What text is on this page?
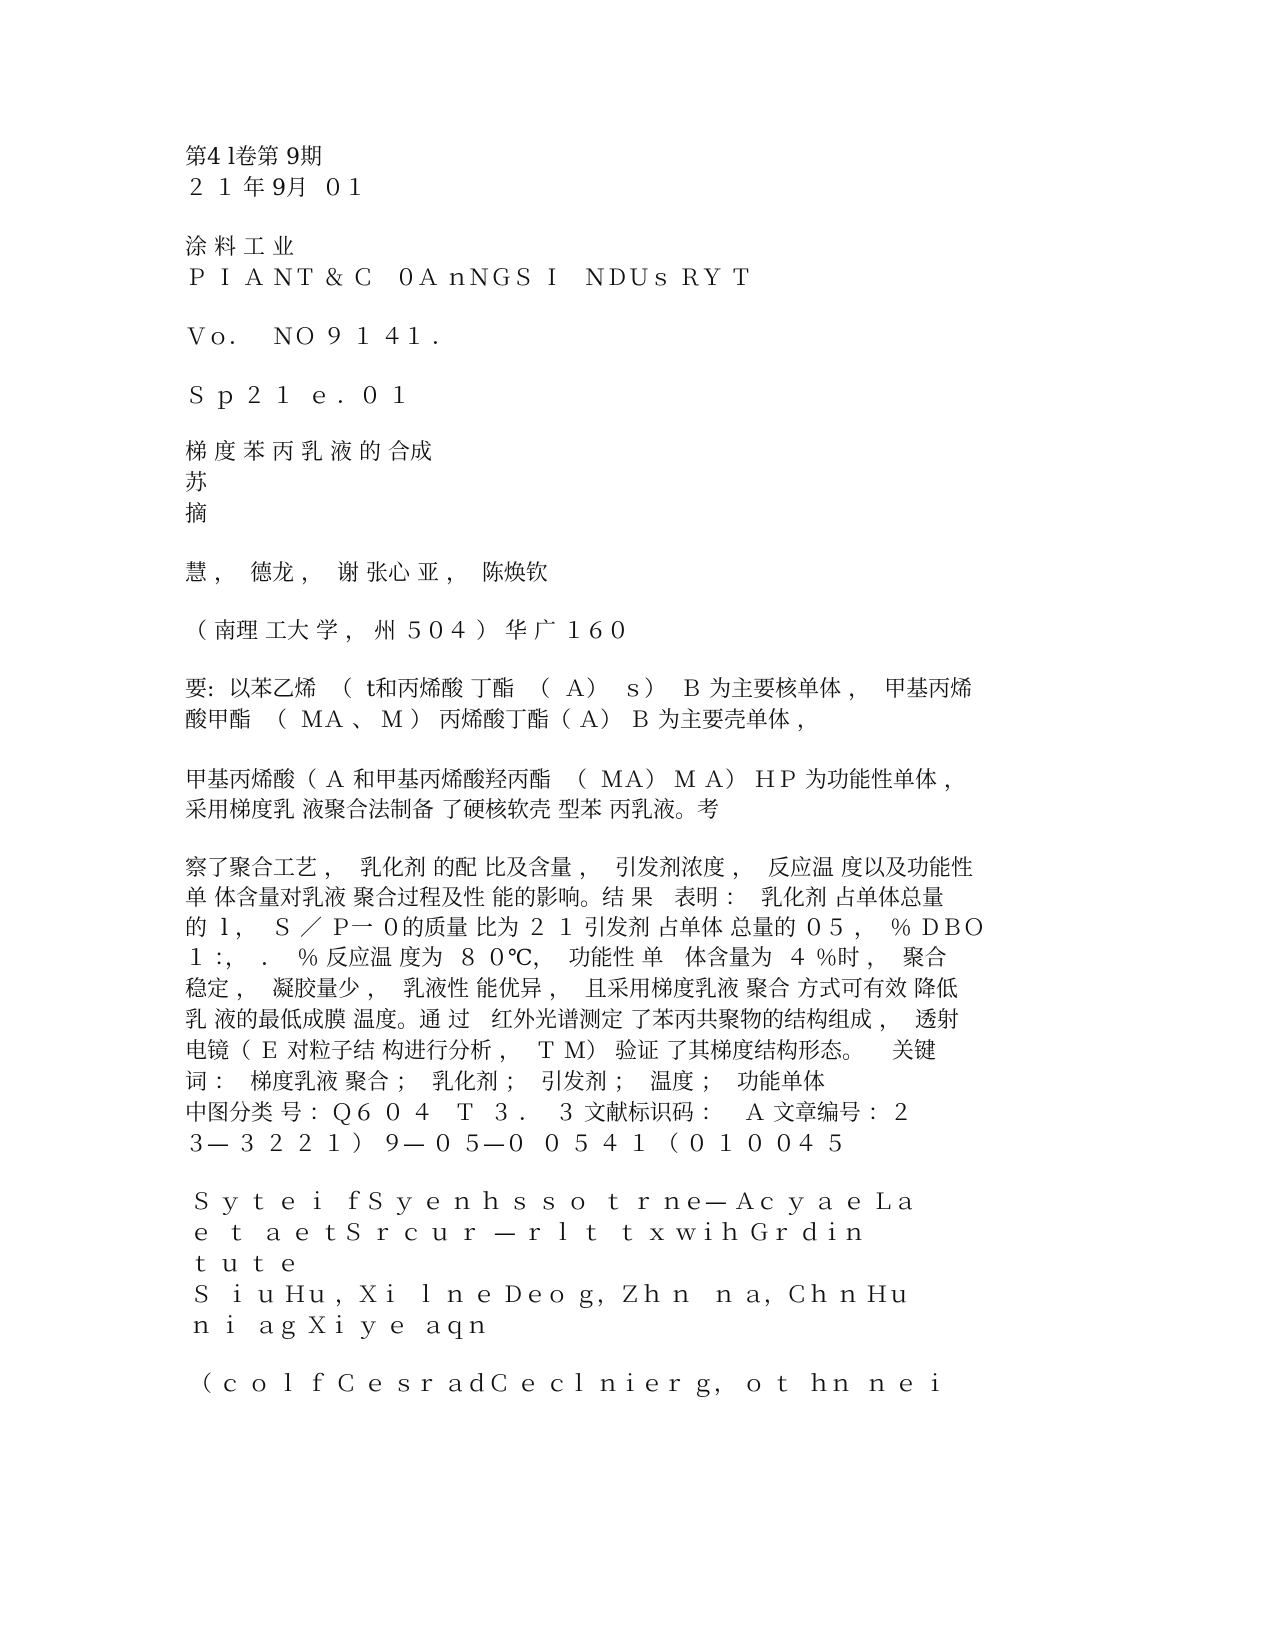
第4 l卷第 9期
２ １ 年 9月  ０１
涂 料 工 业
Ｐ Ｉ Ａ ＮＴ ＆ Ｃ   ０Ａ ｎＮＧＳ Ｉ   ＮＤＵｓ ＲＹ Ｔ
Ｖｏ．   ＮＯ ９ １ ４１ ．
Ｓ ｐ ２ １  ｅ ．０ １
梯 度 苯 丙 乳 液 的 合成
苏
摘
慧 ，  德龙 ，  谢 张心 亚 ，  陈焕钦
（ 南理 工大 学 ， 州 ５０４ ） 华 广 １６０
要:  以苯乙烯  （  t和丙烯酸 丁酯  （  Ａ）  ｓ）  Ｂ 为主要核单体 ，  甲基丙烯
酸甲酯  （  ＭＡ 、 Ｍ ） 丙烯酸丁酯（ Ａ） Ｂ 为主要壳单体 ，
甲基丙烯酸（ Ａ 和甲基丙烯酸羟丙酯  （  ＭＡ） Ｍ Ａ） ＨＰ 为功能性单体 ，
采用梯度乳 液聚合法制备 了硬核软壳 型苯 丙乳液。考
察了聚合工艺 ，  乳化剂 的配 比及含量 ，  引发剂浓度 ，  反应温 度以及功能性
单 体含量对乳液 聚合过程及性 能的影响。结 果   表明 ：  乳化剂 占单体总量
的  l ，  Ｓ ／ Ｐ一 ０的质量 比为 ２ １ 引发剂 占单体 总量的 ０５ ，  ％ ＤＢＯ
１ ：，  ．  ％ 反应温 度为  ８ ０℃，  功能性 单   体含量为  ４ ％时 ，  聚合
稳定 ，  凝胶量少 ，  乳液性 能优异 ，  且采用梯度乳液 聚合 方式可有效 降低
乳 液的最低成膜 温度。通 过   红外光谱测定 了苯丙共聚物的结构组成 ，  透射
电镜（ Ｅ 对粒子结 构进行分析 ，  Ｔ Ｍ） 验证 了其梯度结构形态。    关键
词 ：  梯度乳液 聚合 ；  乳化剂 ；  引发剂 ；  温度 ；  功能单体
中图分类 号 ：Ｑ６ ０ ４   Ｔ  ３ ．  ３ 文献标识码 ：   Ａ 文章编号 ：２
３— ３ ２ ２ １ ） ９— ０ ５—０  ０ ５ ４ １ （ ０ １ ０ ０４ ５
Ｓ ｙ ｔ ｅ ｉ  ｆＳ ｙ ｅ ｎ ｈ ｓ ｓ ｏ  ｔ ｒ ｎｅ— Ａｃ ｙ ａ ｅ Ｌａ
ｅ  ｔ  ａ ｅ ｔＳ ｒ ｃ ｕ ｒ  — ｒ ｌ ｔ  ｔ ｘ ｗｉｈ Ｇｒ ｄｉｎ
ｔ ｕ ｔ ｅ
Ｓ  ｉ ｕ Ｈｕ ，Ｘｉ  ｌ ｎ ｅ Ｄｅｏ ｇ，Ｚｈ ｎ   ｎ ａ，Ｃｈ ｎ Ｈｕ
ｎ ｉ  ａｇ Ｘｉ ｙ ｅ  ａｑｎ
（ ｃ ｏ ｌ ｆ Ｃ ｅ ｓｒ ａｄＣ ｅ ｃｌ ｎｉｅｒ ｇ， ｏ ｔ  ｈｎ  ｎ ｅ ｉ
